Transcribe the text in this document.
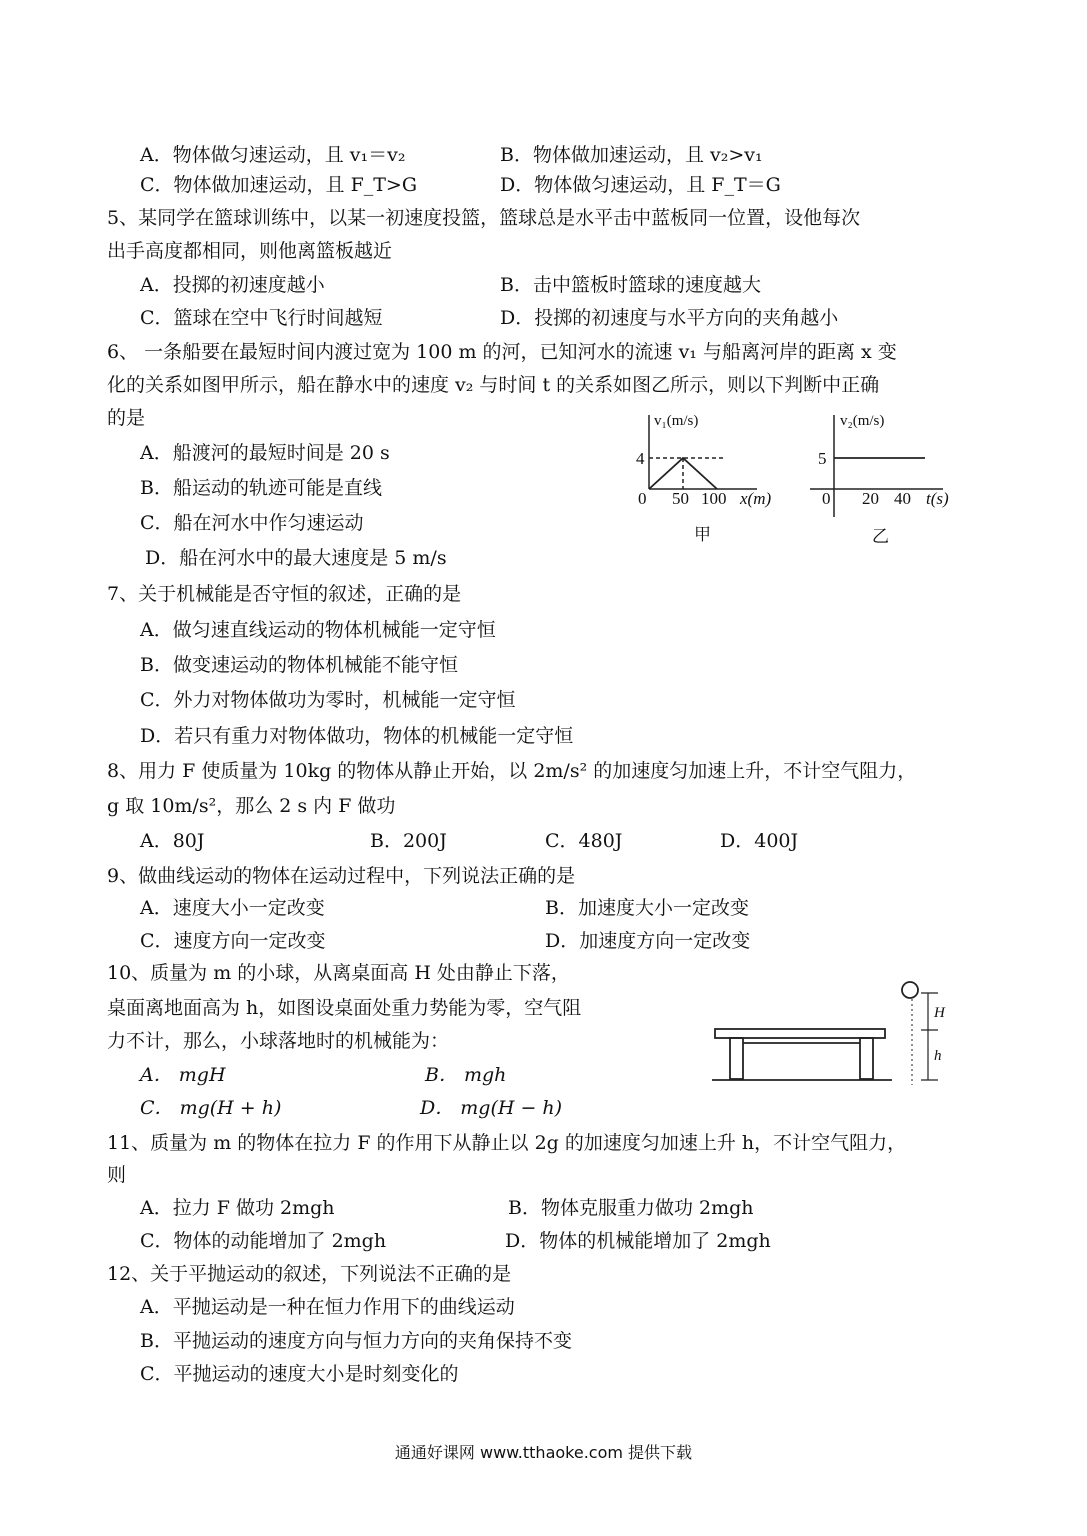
A．物体做匀速运动，且 v₁＝v₂	B．物体做加速运动，且 v₂>v₁
C．物体做加速运动，且 F_T>G	D．物体做匀速运动，且 F_T＝G
5、某同学在篮球训练中，以某一初速度投篮，篮球总是水平击中蓝板同一位置，设他每次
出手高度都相同，则他离篮板越近
A．投掷的初速度越小	B．击中篮板时篮球的速度越大
C．篮球在空中飞行时间越短	D．投掷的初速度与水平方向的夹角越小
6、 一条船要在最短时间内渡过宽为 100 m 的河，已知河水的流速 v₁ 与船离河岸的距离 x 变
化的关系如图甲所示，船在静水中的速度 v₂ 与时间 t 的关系如图乙所示，则以下判断中正确
的是
A．船渡河的最短时间是 20 s
B．船运动的轨迹可能是直线
C．船在河水中作匀速运动
D．船在河水中的最大速度是 5 m/s
7、关于机械能是否守恒的叙述，正确的是
A．做匀速直线运动的物体机械能一定守恒
B．做变速运动的物体机械能不能守恒
C．外力对物体做功为零时，机械能一定守恒
D．若只有重力对物体做功，物体的机械能一定守恒
8、用力 F 使质量为 10kg 的物体从静止开始，以 2m/s² 的加速度匀加速上升，不计空气阻力，
g 取 10m/s²，那么 2 s 内 F 做功
A．80J	B．200J	C．480J	D．400J
9、做曲线运动的物体在运动过程中，下列说法正确的是
A．速度大小一定改变	B．加速度大小一定改变
C．速度方向一定改变	D．加速度方向一定改变
10、质量为 m 的小球，从离桌面高 H 处由静止下落，
桌面离地面高为 h，如图设桌面处重力势能为零，空气阻
力不计，那么，小球落地时的机械能为：
A． mgH	B． mgh
C． mg(H + h)	D． mg(H − h)
11、质量为 m 的物体在拉力 F 的作用下从静止以 2g 的加速度匀加速上升 h，不计空气阻力，
则
A．拉力 F 做功 2mgh	B．物体克服重力做功 2mgh
C．物体的动能增加了 2mgh	D．物体的机械能增加了 2mgh
12、关于平抛运动的叙述，下列说法不正确的是
A．平抛运动是一种在恒力作用下的曲线运动
B．平抛运动的速度方向与恒力方向的夹角保持不变
C．平抛运动的速度大小是时刻变化的
通通好课网 www.tthaoke.com 提供下载
v₁(m/s)
4
0 50 100 x(m)
甲
v₂(m/s)
5
0 20 40 t(s)
乙
H
h
